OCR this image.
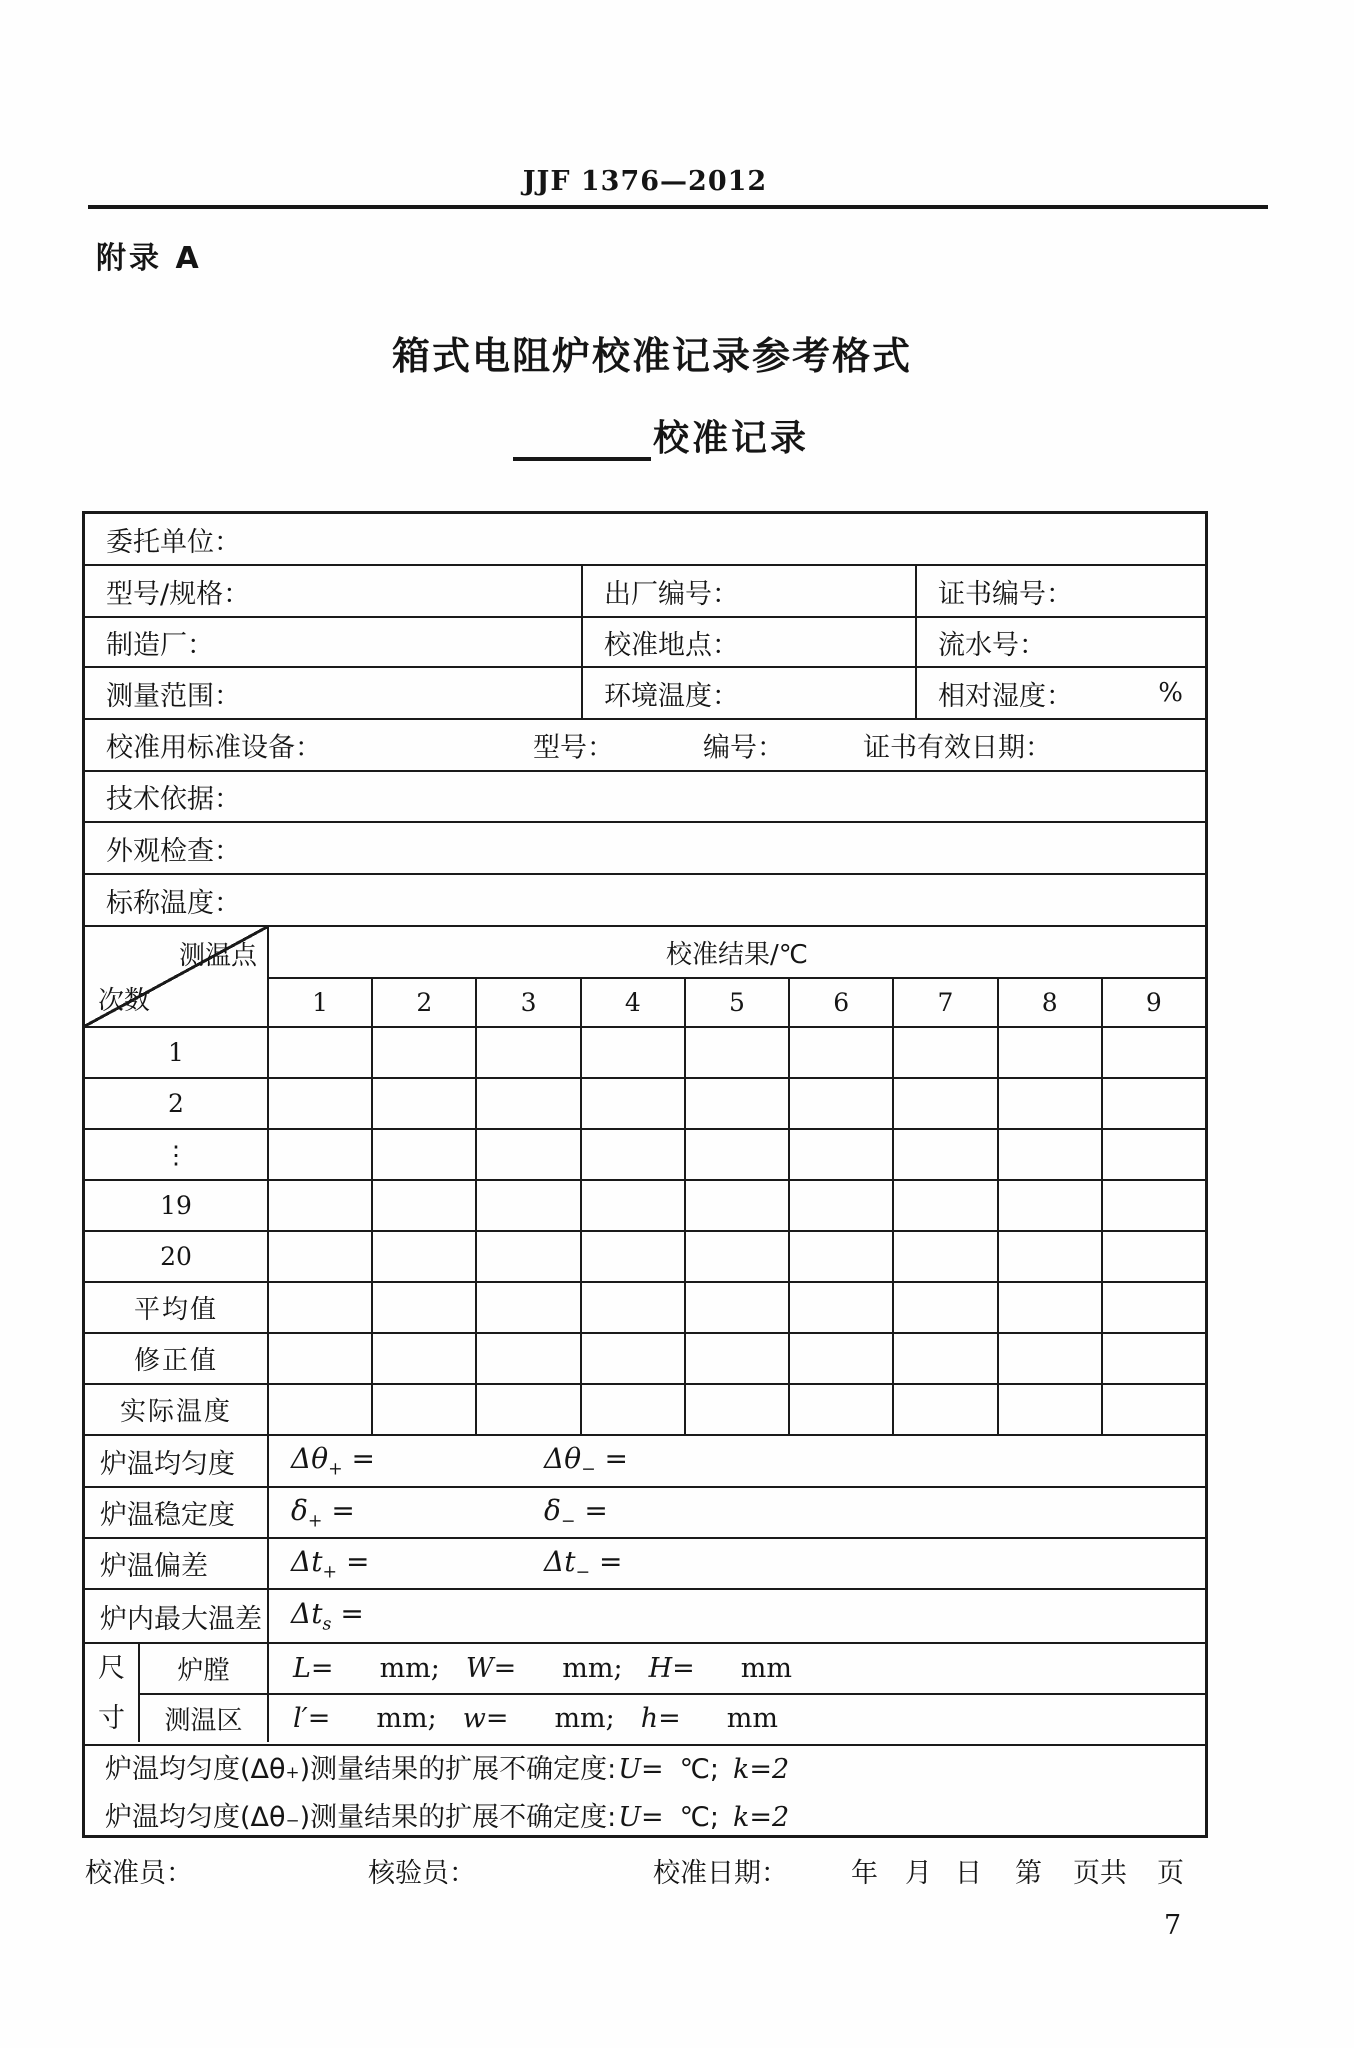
JJF 1376—2012
附录 A
箱式电阻炉校准记录参考格式
校准记录
委托单位：
型号/规格：	出厂编号：	证书编号：
制造厂：	校准地点：	流水号：
测量范围：	环境温度：	相对湿度：	%
校准用标准设备：	型号：	编号：	证书有效日期：
技术依据：
外观检查：
标称温度：
测温点
次数
校准结果/℃
1	2	3	4	5	6	7	8	9
1
2
⋮
19
20
平均值
修正值
实际温度
炉温均匀度	$\Delta\theta_+$ =	$\Delta\theta_-$ =
炉温稳定度	$\delta_+$ =	$\delta_-$ =
炉温偏差	$\Delta t_+$ =	$\Delta t_-$ =
炉内最大温差 $\Delta t_s$ =
尺寸
炉膛	L= mm; W= mm; H= mm
测温区	l′= mm; w= mm; h= mm
炉温均匀度($\Delta\theta_+$ )测量结果的扩展不确定度: U= ℃; k=2
炉温均匀度($\Delta\theta_-$ )测量结果的扩展不确定度: U= ℃; k=2
校准员：	核验员：	校准日期： 年 月 日 第 页共 页
7
